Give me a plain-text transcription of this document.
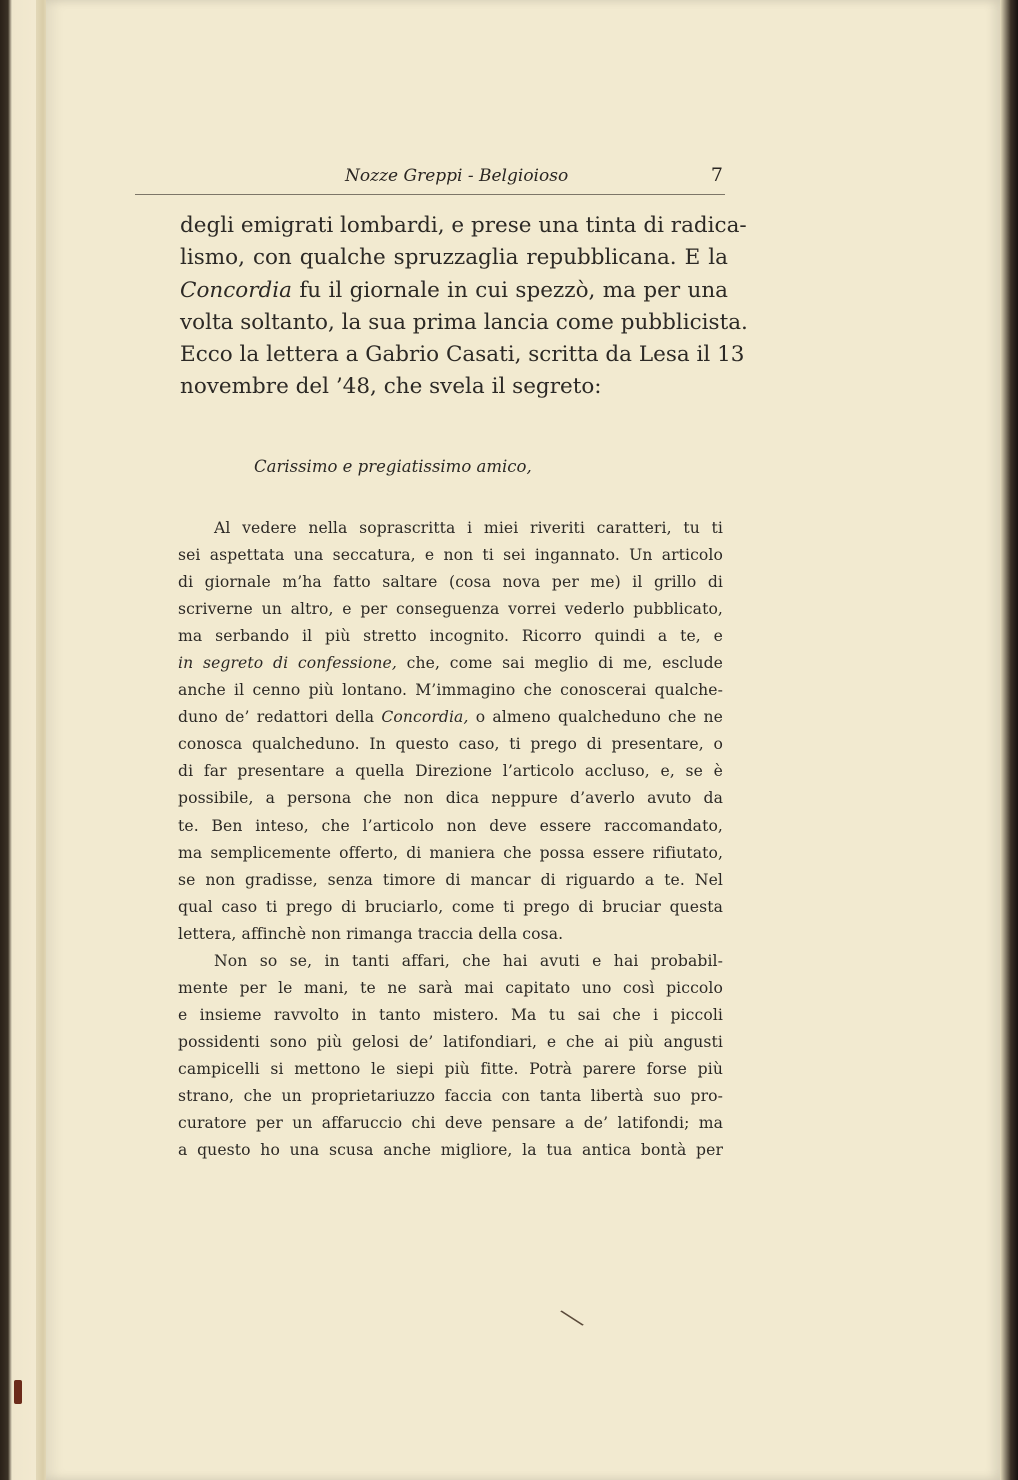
Nozze Greppi - Belgioioso	7
degli emigrati lombardi, e prese una tinta di radica-
lismo, con qualche spruzzaglia repubblicana. E la
Concordia fu il giornale in cui spezzò, ma per una
volta soltanto, la sua prima lancia come pubblicista.
Ecco la lettera a Gabrio Casati, scritta da Lesa il 13
novembre del ’48, che svela il segreto:
Carissimo e pregiatissimo amico,
Al vedere nella soprascritta i miei riveriti caratteri, tu ti
sei aspettata una seccatura, e non ti sei ingannato. Un articolo
di giornale m’ha fatto saltare (cosa nova per me) il grillo di
scriverne un altro, e per conseguenza vorrei vederlo pubblicato,
ma serbando il più stretto incognito. Ricorro quindi a te, e
in segreto di confessione, che, come sai meglio di me, esclude
anche il cenno più lontano. M’immagino che conoscerai qualche-
duno de’ redattori della Concordia, o almeno qualcheduno che ne
conosca qualcheduno. In questo caso, ti prego di presentare, o
di far presentare a quella Direzione l’articolo accluso, e, se è
possibile, a persona che non dica neppure d’averlo avuto da
te. Ben inteso, che l’articolo non deve essere raccomandato,
ma semplicemente offerto, di maniera che possa essere rifiutato,
se non gradisse, senza timore di mancar di riguardo a te. Nel
qual caso ti prego di bruciarlo, come ti prego di bruciar questa
lettera, affinchè non rimanga traccia della cosa.
Non so se, in tanti affari, che hai avuti e hai probabil-
mente per le mani, te ne sarà mai capitato uno così piccolo
e insieme ravvolto in tanto mistero. Ma tu sai che i piccoli
possidenti sono più gelosi de’ latifondiari, e che ai più angusti
campicelli si mettono le siepi più fitte. Potrà parere forse più
strano, che un proprietariuzzo faccia con tanta libertà suo pro-
curatore per un affaruccio chi deve pensare a de’ latifondi; ma
a questo ho una scusa anche migliore, la tua antica bontà per
╲
